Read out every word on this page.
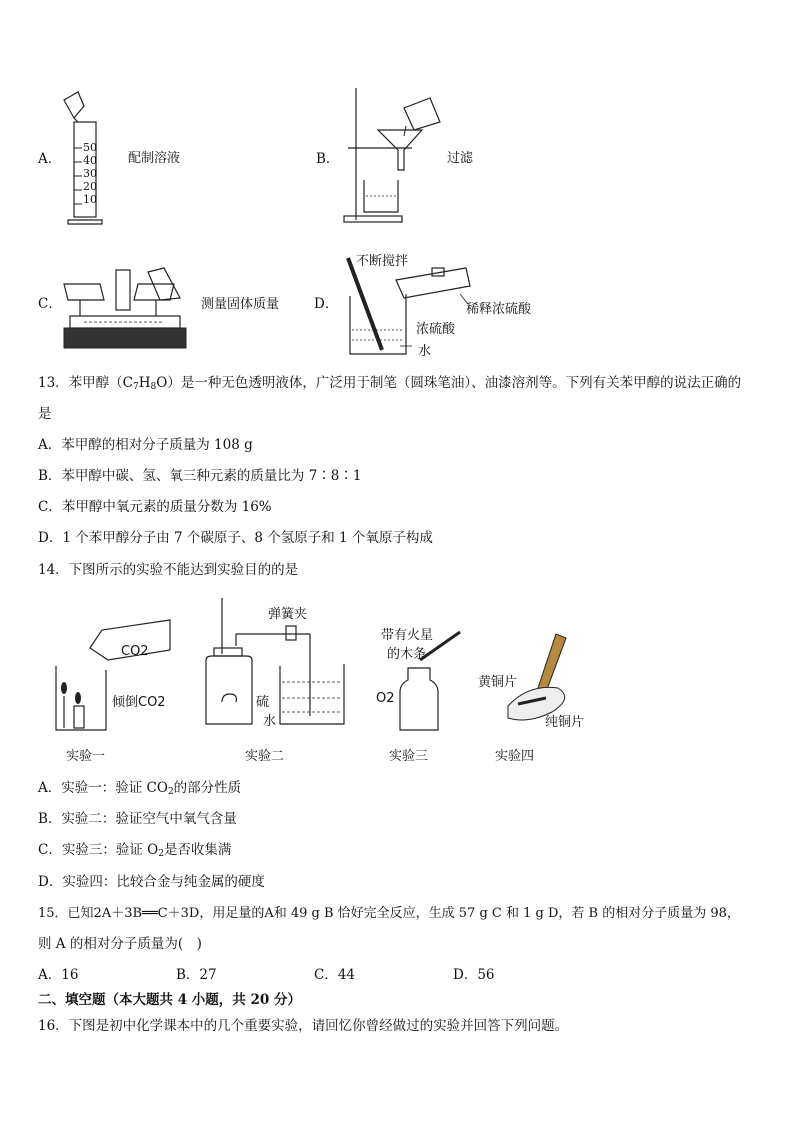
A．
50
40
30
20
10
配制溶液	B．	过滤
C．	测量固体质量	D．
不断搅拌
稀释浓硫酸
浓硫酸
水
13．苯甲醇$(C_7H_8O)$是一种无色透明液体，广泛用于制笔（圆珠笔油）、油漆溶剂等。下列有关苯甲醇的说法正确的
是
A．苯甲醇的相对分子质量为 108 g
B．苯甲醇中碳、氢、氧三种元素的质量比为 7∶8∶1
C．苯甲醇中氧元素的质量分数为 16%
D．1 个苯甲醇分子由 7 个碳原子、8 个氢原子和 1 个氧原子构成
14．下图所示的实验不能达到实验目的的是
CO2
倾倒CO2
弹簧夹
硫
水
带有火星
的木条
O2
黄铜片
纯铜片
实验一	实验二	实验三	实验四
A．实验一：验证 $CO_2$的部分性质
B．实验二：验证空气中氧气含量
C．实验三：验证 $O_2$是否收集满
D．实验四：比较合金与纯金属的硬度
15．已知2A＋3B══C＋3D，用足量的A和 49 g B 恰好完全反应，生成 57 g C 和 1 g D，若 B 的相对分子质量为 98，
则 A 的相对分子质量为(　)
A．16	B．27	C．44	D．56
二、填空题（本大题共 4 小题，共 20 分）
16．下图是初中化学课本中的几个重要实验，请回忆你曾经做过的实验并回答下列问题。
